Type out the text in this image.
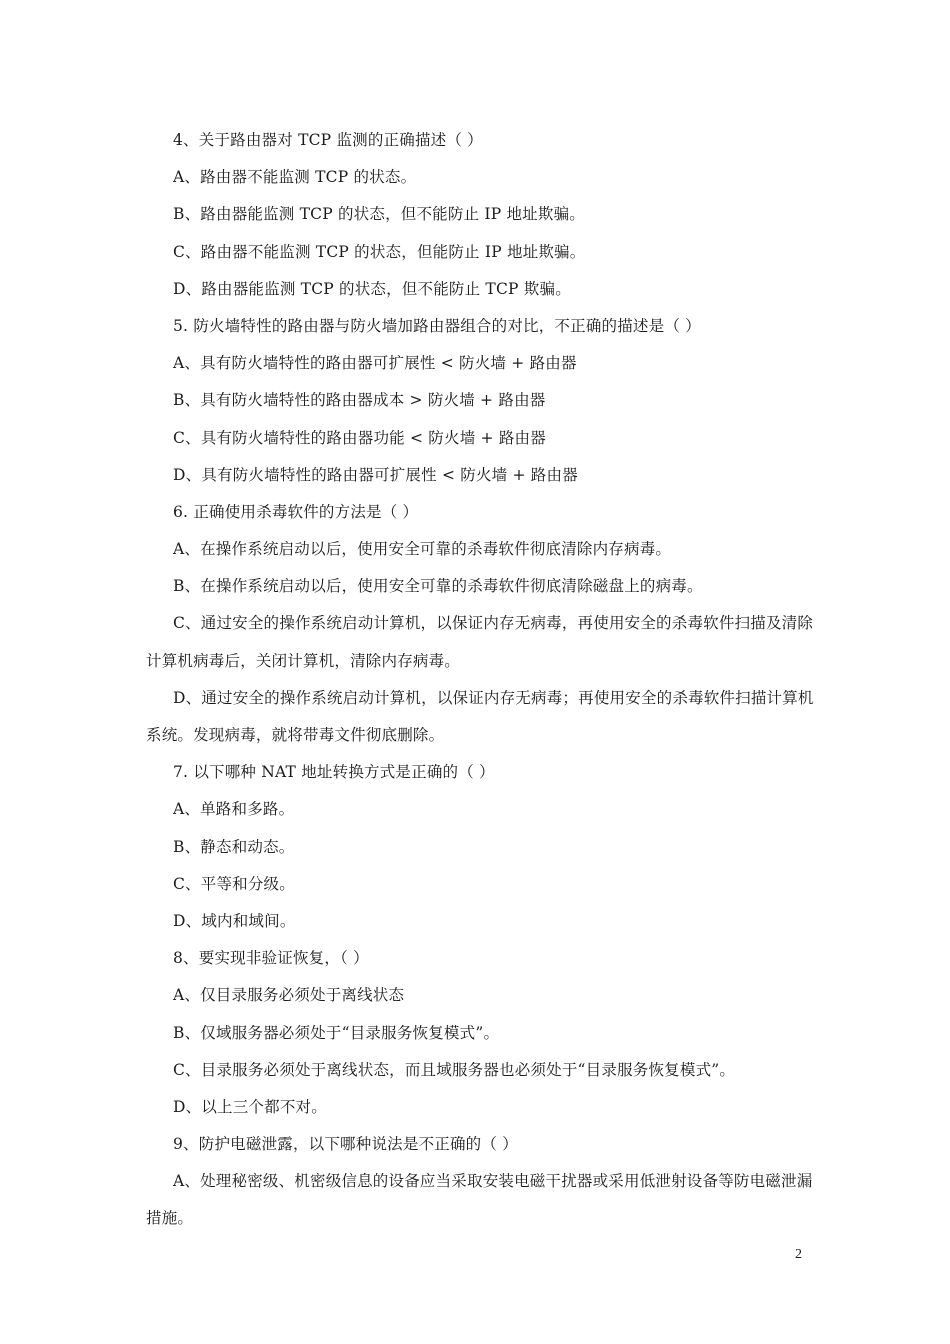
4、关于路由器对 TCP 监测的正确描述（ ）
A、路由器不能监测 TCP 的状态。
B、路由器能监测 TCP 的状态，但不能防止 IP 地址欺骗。
C、路由器不能监测 TCP 的状态，但能防止 IP 地址欺骗。
D、路由器能监测 TCP 的状态，但不能防止 TCP 欺骗。
5. 防火墙特性的路由器与防火墙加路由器组合的对比，不正确的描述是（ ）
A、具有防火墙特性的路由器可扩展性 < 防火墙 + 路由器
B、具有防火墙特性的路由器成本 > 防火墙 + 路由器
C、具有防火墙特性的路由器功能 < 防火墙 + 路由器
D、具有防火墙特性的路由器可扩展性 < 防火墙 + 路由器
6. 正确使用杀毒软件的方法是（ ）
A、在操作系统启动以后，使用安全可靠的杀毒软件彻底清除内存病毒。
B、在操作系统启动以后，使用安全可靠的杀毒软件彻底清除磁盘上的病毒。
C、通过安全的操作系统启动计算机，以保证内存无病毒，再使用安全的杀毒软件扫描及清除
计算机病毒后，关闭计算机，清除内存病毒。
D、通过安全的操作系统启动计算机，以保证内存无病毒；再使用安全的杀毒软件扫描计算机
系统。发现病毒，就将带毒文件彻底删除。
7. 以下哪种 NAT 地址转换方式是正确的（ ）
A、单路和多路。
B、静态和动态。
C、平等和分级。
D、域内和域间。
8、要实现非验证恢复，（ ）
A、仅目录服务必须处于离线状态
B、仅域服务器必须处于“目录服务恢复模式”。
C、目录服务必须处于离线状态，而且域服务器也必须处于“目录服务恢复模式”。
D、以上三个都不对。
9、防护电磁泄露，以下哪种说法是不正确的（ ）
A、处理秘密级、机密级信息的设备应当采取安装电磁干扰器或采用低泄射设备等防电磁泄漏
措施。
2
